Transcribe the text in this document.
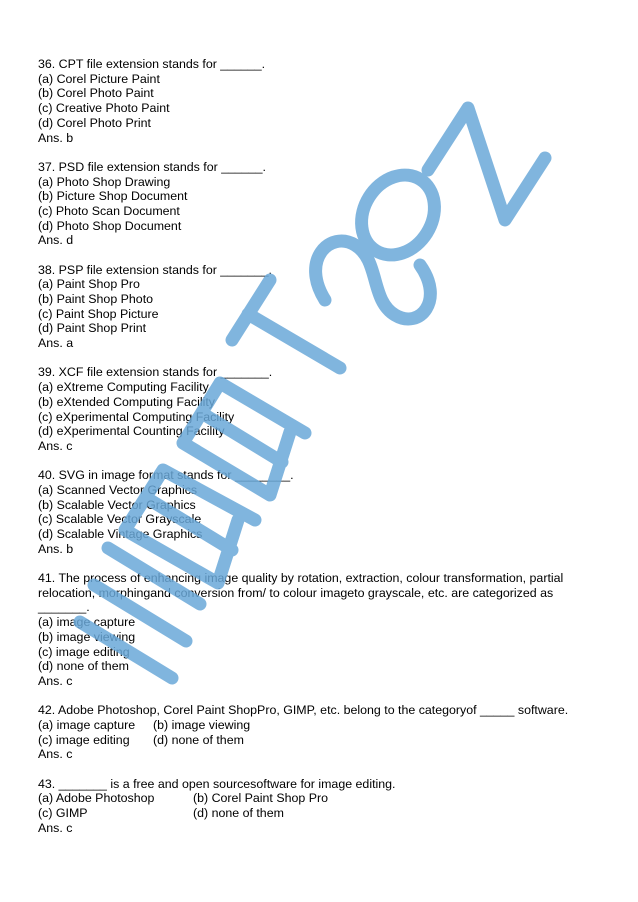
36. CPT file extension stands for ______.
(a) Corel Picture Paint
(b) Corel Photo Paint
(c) Creative Photo Paint
(d) Corel Photo Print
Ans. b
37. PSD file extension stands for ______.
(a) Photo Shop Drawing
(b) Picture Shop Document
(c) Photo Scan Document
(d) Photo Shop Document
Ans. d
38. PSP file extension stands for _______.
(a) Paint Shop Pro
(b) Paint Shop Photo
(c) Paint Shop Picture
(d) Paint Shop Print
Ans. a
39. XCF file extension stands for _______.
(a) eXtreme Computing Facility
(b) eXtended Computing Facility
(c) eXperimental Computing Facility
(d) eXperimental Counting Facility
Ans. c
40. SVG in image format stands for ________.
(a) Scanned Vector Graphics
(b) Scalable Vector Graphics
(c) Scalable Vector Grayscale
(d) Scalable Vintage Graphics
Ans. b
41. The process of enhancing image quality by rotation, extraction, colour transformation, partial
relocation, morphingand conversion from/ to colour imageto grayscale, etc. are categorized as
_______.
(a) image capture
(b) image viewing
(c) image editing
(d) none of them
Ans. c
42. Adobe Photoshop, Corel Paint ShopPro, GIMP, etc. belong to the categoryof _____ software.
(a) image capture	(b) image viewing
(c) image editing	(d) none of them
Ans. c
43. _______ is a free and open sourcesoftware for image editing.
(a) Adobe Photoshop	(b) Corel Paint Shop Pro
(c) GIMP	(d) none of them
Ans. c
